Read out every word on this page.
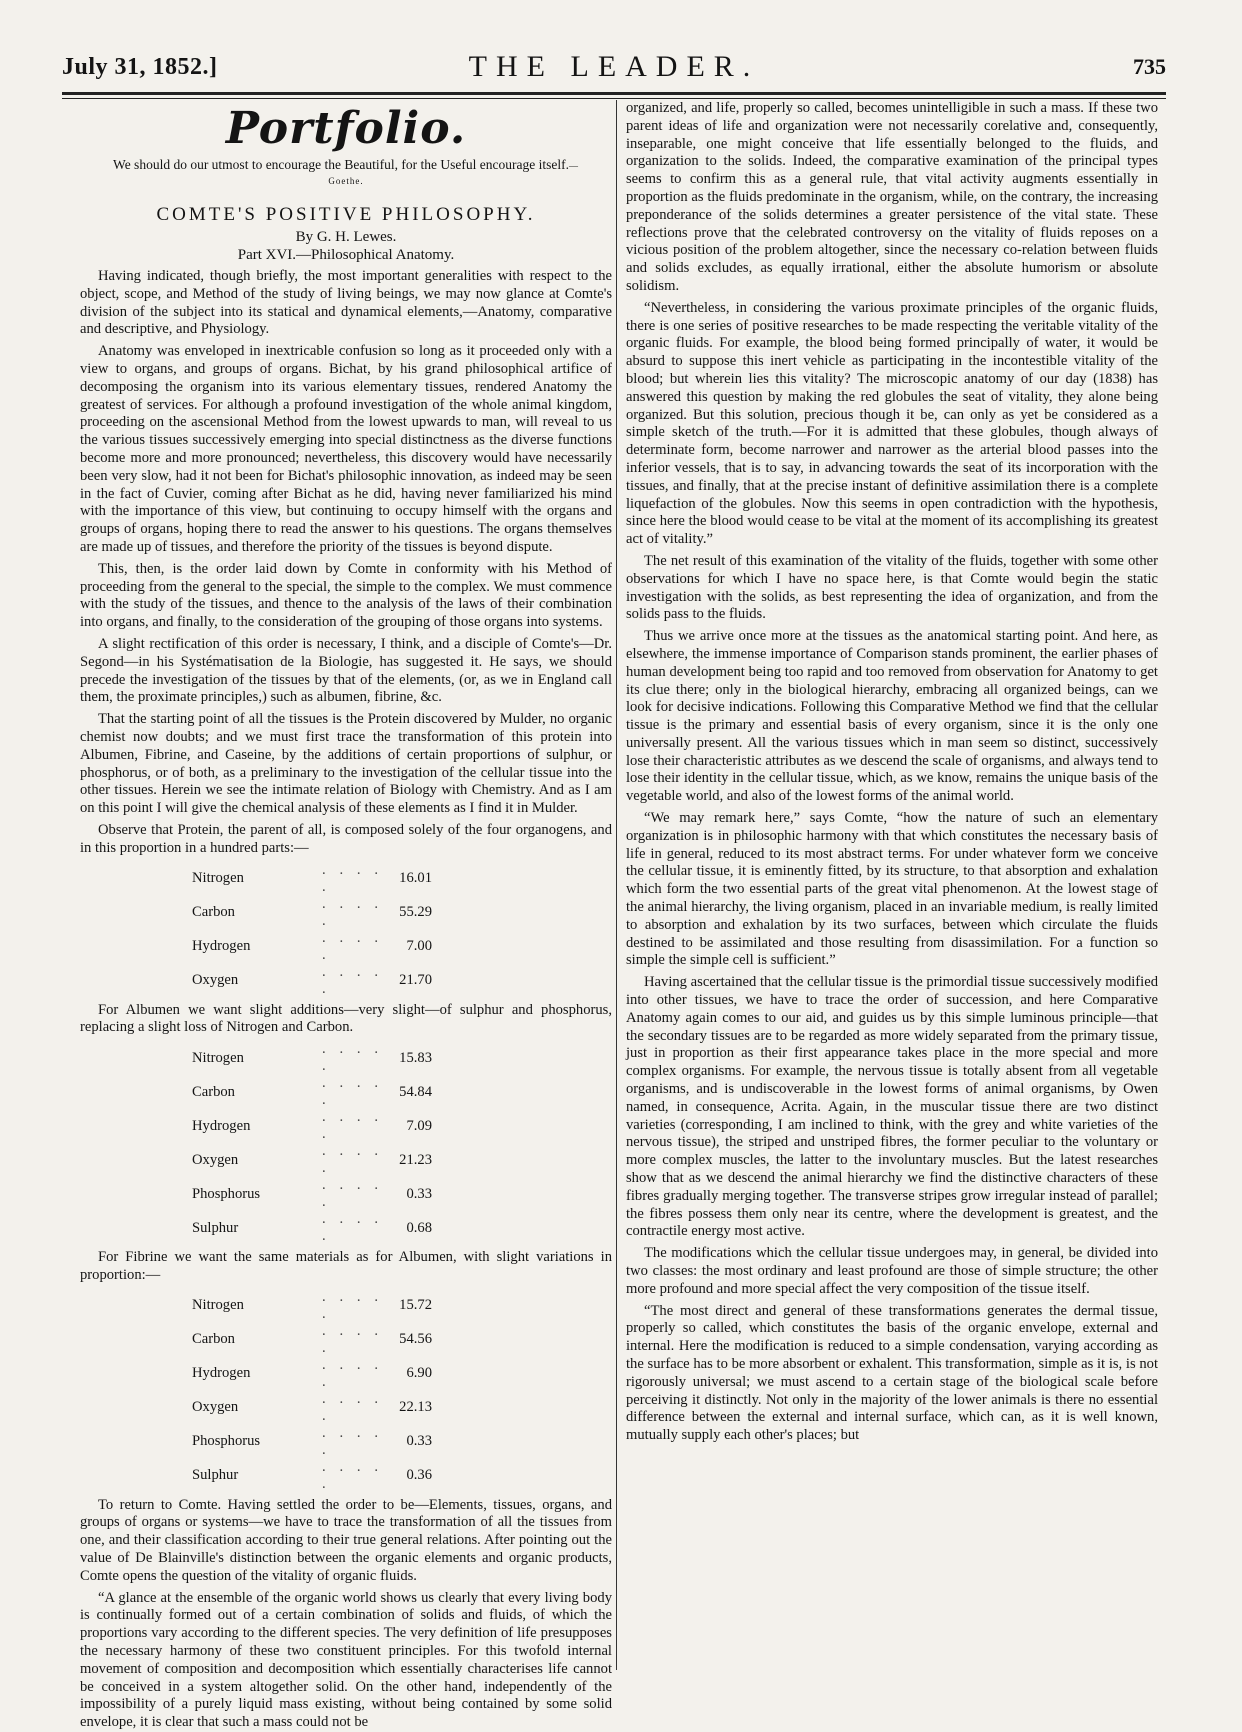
July 31, 1852.]	THE LEADER.	735
Portfolio.
We should do our utmost to encourage the Beautiful, for the Useful encourage itself.—Goethe.
COMTE'S POSITIVE PHILOSOPHY.
By G. H. Lewes.
Part XVI.—Philosophical Anatomy.

Having indicated, though briefly, the most important generalities with respect to the object, scope, and Method of the study of living beings, we may now glance at Comte's division of the subject into its statical and dynamical elements,—Anatomy, comparative and descriptive, and Physiology.

Anatomy was enveloped in inextricable confusion so long as it proceeded only with a view to organs, and groups of organs. Bichat, by his grand philosophical artifice of decomposing the organism into its various elementary tissues, rendered Anatomy the greatest of services. For although a profound investigation of the whole animal kingdom, proceeding on the ascensional Method from the lowest upwards to man, will reveal to us the various tissues successively emerging into special distinctness as the diverse functions become more and more pronounced; nevertheless, this discovery would have necessarily been very slow, had it not been for Bichat's philosophic innovation, as indeed may be seen in the fact of Cuvier, coming after Bichat as he did, having never familiarized his mind with the importance of this view, but continuing to occupy himself with the organs and groups of organs, hoping there to read the answer to his questions. The organs themselves are made up of tissues, and therefore the priority of the tissues is beyond dispute.

This, then, is the order laid down by Comte in conformity with his Method of proceeding from the general to the special, the simple to the complex. We must commence with the study of the tissues, and thence to the analysis of the laws of their combination into organs, and finally, to the consideration of the grouping of those organs into systems.

A slight rectification of this order is necessary, I think, and a disciple of Comte's—Dr. Segond—in his Systématisation de la Biologie, has suggested it. He says, we should precede the investigation of the tissues by that of the elements, (or, as we in England call them, the proximate principles,) such as albumen, fibrine, &c.

That the starting point of all the tissues is the Protein discovered by Mulder, no organic chemist now doubts; and we must first trace the transformation of this protein into Albumen, Fibrine, and Caseine, by the additions of certain proportions of sulphur, or phosphorus, or of both, as a preliminary to the investigation of the cellular tissue into the other tissues. Herein we see the intimate relation of Biology with Chemistry. And as I am on this point I will give the chemical analysis of these elements as I find it in Mulder.

Observe that Protein, the parent of all, is composed solely of the four organogens, and in this proportion in a hundred parts:—

Nitrogen	. . . . .	16.01
Carbon	. . . . .	55.29
Hydrogen	. . . . .	7.00
Oxygen	. . . . .	21.70

For Albumen we want slight additions—very slight—of sulphur and phosphorus, replacing a slight loss of Nitrogen and Carbon.

Nitrogen	. . . . .	15.83
Carbon	. . . . .	54.84
Hydrogen	. . . . .	7.09
Oxygen	. . . . .	21.23
Phosphorus	. . . . .	0.33
Sulphur	. . . . .	0.68

For Fibrine we want the same materials as for Albumen, with slight variations in proportion:—

Nitrogen	. . . . .	15.72
Carbon	. . . . .	54.56
Hydrogen	. . . . .	6.90
Oxygen	. . . . .	22.13
Phosphorus	. . . . .	0.33
Sulphur	. . . . .	0.36

To return to Comte. Having settled the order to be—Elements, tissues, organs, and groups of organs or systems—we have to trace the transformation of all the tissues from one, and their classification according to their true general relations. After pointing out the value of De Blainville's distinction between the organic elements and organic products, Comte opens the question of the vitality of organic fluids.

“A glance at the ensemble of the organic world shows us clearly that every living body is continually formed out of a certain combination of solids and fluids, of which the proportions vary according to the different species. The very definition of life presupposes the necessary harmony of these two constituent principles. For this twofold internal movement of composition and decomposition which essentially characterises life cannot be conceived in a system altogether solid. On the other hand, independently of the impossibility of a purely liquid mass existing, without being contained by some solid envelope, it is clear that such a mass could not be

organized, and life, properly so called, becomes unintelligible in such a mass. If these two parent ideas of life and organization were not necessarily corelative and, consequently, inseparable, one might conceive that life essentially belonged to the fluids, and organization to the solids. Indeed, the comparative examination of the principal types seems to confirm this as a general rule, that vital activity augments essentially in proportion as the fluids predominate in the organism, while, on the contrary, the increasing preponderance of the solids determines a greater persistence of the vital state. These reflections prove that the celebrated controversy on the vitality of fluids reposes on a vicious position of the problem altogether, since the necessary co-relation between fluids and solids excludes, as equally irrational, either the absolute humorism or absolute solidism.

“Nevertheless, in considering the various proximate principles of the organic fluids, there is one series of positive researches to be made respecting the veritable vitality of the organic fluids. For example, the blood being formed principally of water, it would be absurd to suppose this inert vehicle as participating in the incontestible vitality of the blood; but wherein lies this vitality? The microscopic anatomy of our day (1838) has answered this question by making the red globules the seat of vitality, they alone being organized. But this solution, precious though it be, can only as yet be considered as a simple sketch of the truth.—For it is admitted that these globules, though always of determinate form, become narrower and narrower as the arterial blood passes into the inferior vessels, that is to say, in advancing towards the seat of its incorporation with the tissues, and finally, that at the precise instant of definitive assimilation there is a complete liquefaction of the globules. Now this seems in open contradiction with the hypothesis, since here the blood would cease to be vital at the moment of its accomplishing its greatest act of vitality.”

The net result of this examination of the vitality of the fluids, together with some other observations for which I have no space here, is that Comte would begin the static investigation with the solids, as best representing the idea of organization, and from the solids pass to the fluids.

Thus we arrive once more at the tissues as the anatomical starting point. And here, as elsewhere, the immense importance of Comparison stands prominent, the earlier phases of human development being too rapid and too removed from observation for Anatomy to get its clue there; only in the biological hierarchy, embracing all organized beings, can we look for decisive indications. Following this Comparative Method we find that the cellular tissue is the primary and essential basis of every organism, since it is the only one universally present. All the various tissues which in man seem so distinct, successively lose their characteristic attributes as we descend the scale of organisms, and always tend to lose their identity in the cellular tissue, which, as we know, remains the unique basis of the vegetable world, and also of the lowest forms of the animal world.

“We may remark here,” says Comte, “how the nature of such an elementary organization is in philosophic harmony with that which constitutes the necessary basis of life in general, reduced to its most abstract terms. For under whatever form we conceive the cellular tissue, it is eminently fitted, by its structure, to that absorption and exhalation which form the two essential parts of the great vital phenomenon. At the lowest stage of the animal hierarchy, the living organism, placed in an invariable medium, is really limited to absorption and exhalation by its two surfaces, between which circulate the fluids destined to be assimilated and those resulting from disassimilation. For a function so simple the simple cell is sufficient.”

Having ascertained that the cellular tissue is the primordial tissue successively modified into other tissues, we have to trace the order of succession, and here Comparative Anatomy again comes to our aid, and guides us by this simple luminous principle—that the secondary tissues are to be regarded as more widely separated from the primary tissue, just in proportion as their first appearance takes place in the more special and more complex organisms. For example, the nervous tissue is totally absent from all vegetable organisms, and is undiscoverable in the lowest forms of animal organisms, by Owen named, in consequence, Acrita. Again, in the muscular tissue there are two distinct varieties (corresponding, I am inclined to think, with the grey and white varieties of the nervous tissue), the striped and unstriped fibres, the former peculiar to the voluntary or more complex muscles, the latter to the involuntary muscles. But the latest researches show that as we descend the animal hierarchy we find the distinctive characters of these fibres gradually merging together. The transverse stripes grow irregular instead of parallel; the fibres possess them only near its centre, where the development is greatest, and the contractile energy most active.

The modifications which the cellular tissue undergoes may, in general, be divided into two classes: the most ordinary and least profound are those of simple structure; the other more profound and more special affect the very composition of the tissue itself.

“The most direct and general of these transformations generates the dermal tissue, properly so called, which constitutes the basis of the organic envelope, external and internal. Here the modification is reduced to a simple condensation, varying according as the surface has to be more absorbent or exhalent. This transformation, simple as it is, is not rigorously universal; we must ascend to a certain stage of the biological scale before perceiving it distinctly. Not only in the majority of the lower animals is there no essential difference between the external and internal surface, which can, as it is well known, mutually supply each other's places; but
